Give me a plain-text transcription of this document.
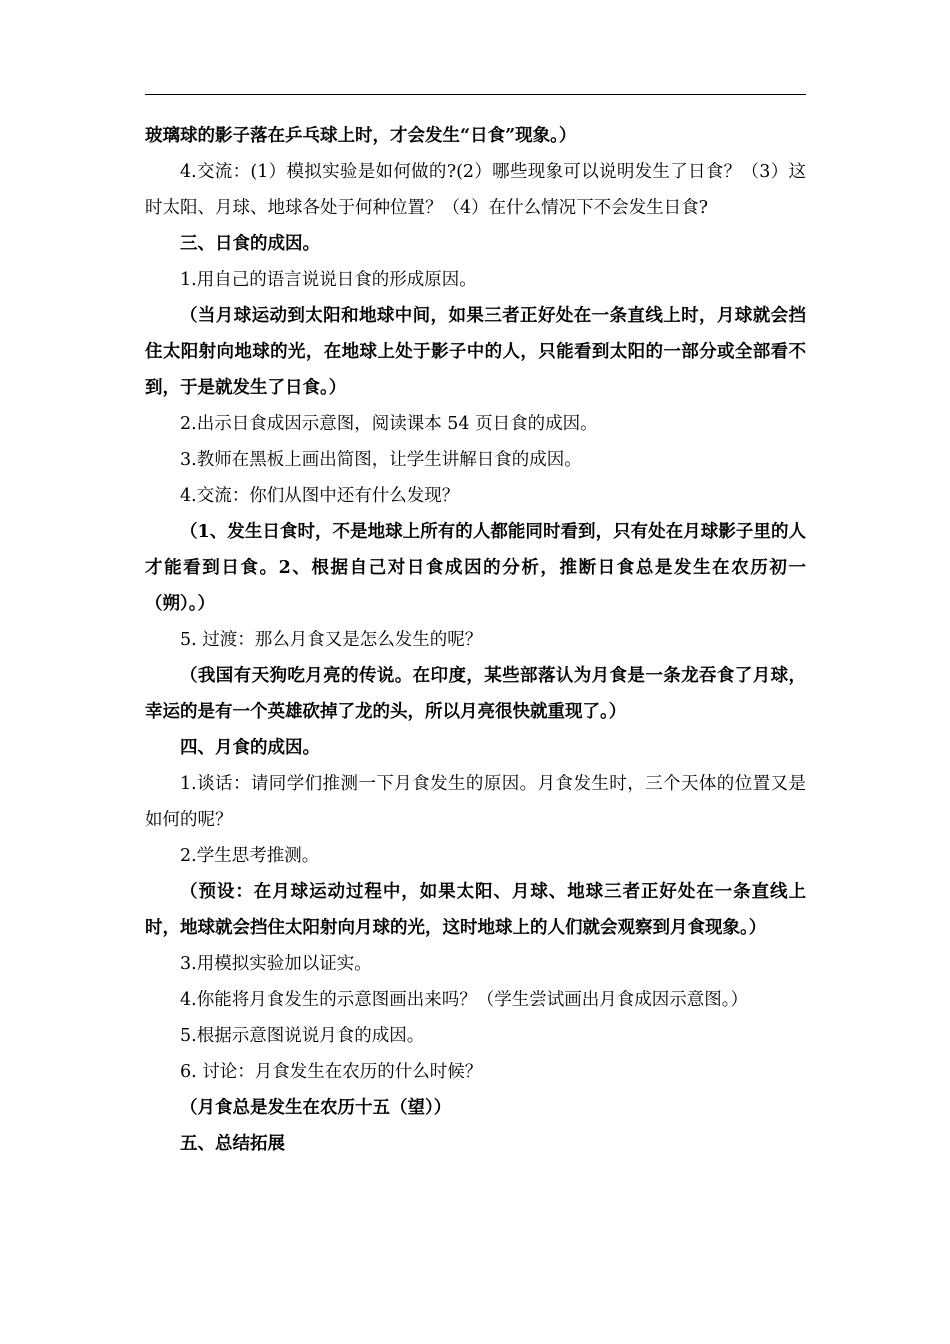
玻璃球的影子落在乒乓球上时，才会发生“日食”现象。）

4.交流：(1）模拟实验是如何做的?(2）哪些现象可以说明发生了日食？（3）这时太阳、月球、地球各处于何种位置？（4）在什么情况下不会发生日食?

三、日食的成因。

1.用自己的语言说说日食的形成原因。

（当月球运动到太阳和地球中间，如果三者正好处在一条直线上时，月球就会挡住太阳射向地球的光，在地球上处于影子中的人，只能看到太阳的一部分或全部看不到，于是就发生了日食。）

2.出示日食成因示意图，阅读课本 54 页日食的成因。

3.教师在黑板上画出简图，让学生讲解日食的成因。

4.交流：你们从图中还有什么发现？

（1、发生日食时，不是地球上所有的人都能同时看到，只有处在月球影子里的人才能看到日食。2、根据自己对日食成因的分析，推断日食总是发生在农历初一（朔）。）

5. 过渡：那么月食又是怎么发生的呢？

（我国有天狗吃月亮的传说。在印度，某些部落认为月食是一条龙吞食了月球，幸运的是有一个英雄砍掉了龙的头，所以月亮很快就重现了。）

四、月食的成因。

1.谈话：请同学们推测一下月食发生的原因。月食发生时，三个天体的位置又是如何的呢？

2.学生思考推测。

（预设：在月球运动过程中，如果太阳、月球、地球三者正好处在一条直线上时，地球就会挡住太阳射向月球的光，这时地球上的人们就会观察到月食现象。）

3.用模拟实验加以证实。

4.你能将月食发生的示意图画出来吗？（学生尝试画出月食成因示意图。）

5.根据示意图说说月食的成因。

6. 讨论：月食发生在农历的什么时候？

（月食总是发生在农历十五（望））

五、总结拓展
